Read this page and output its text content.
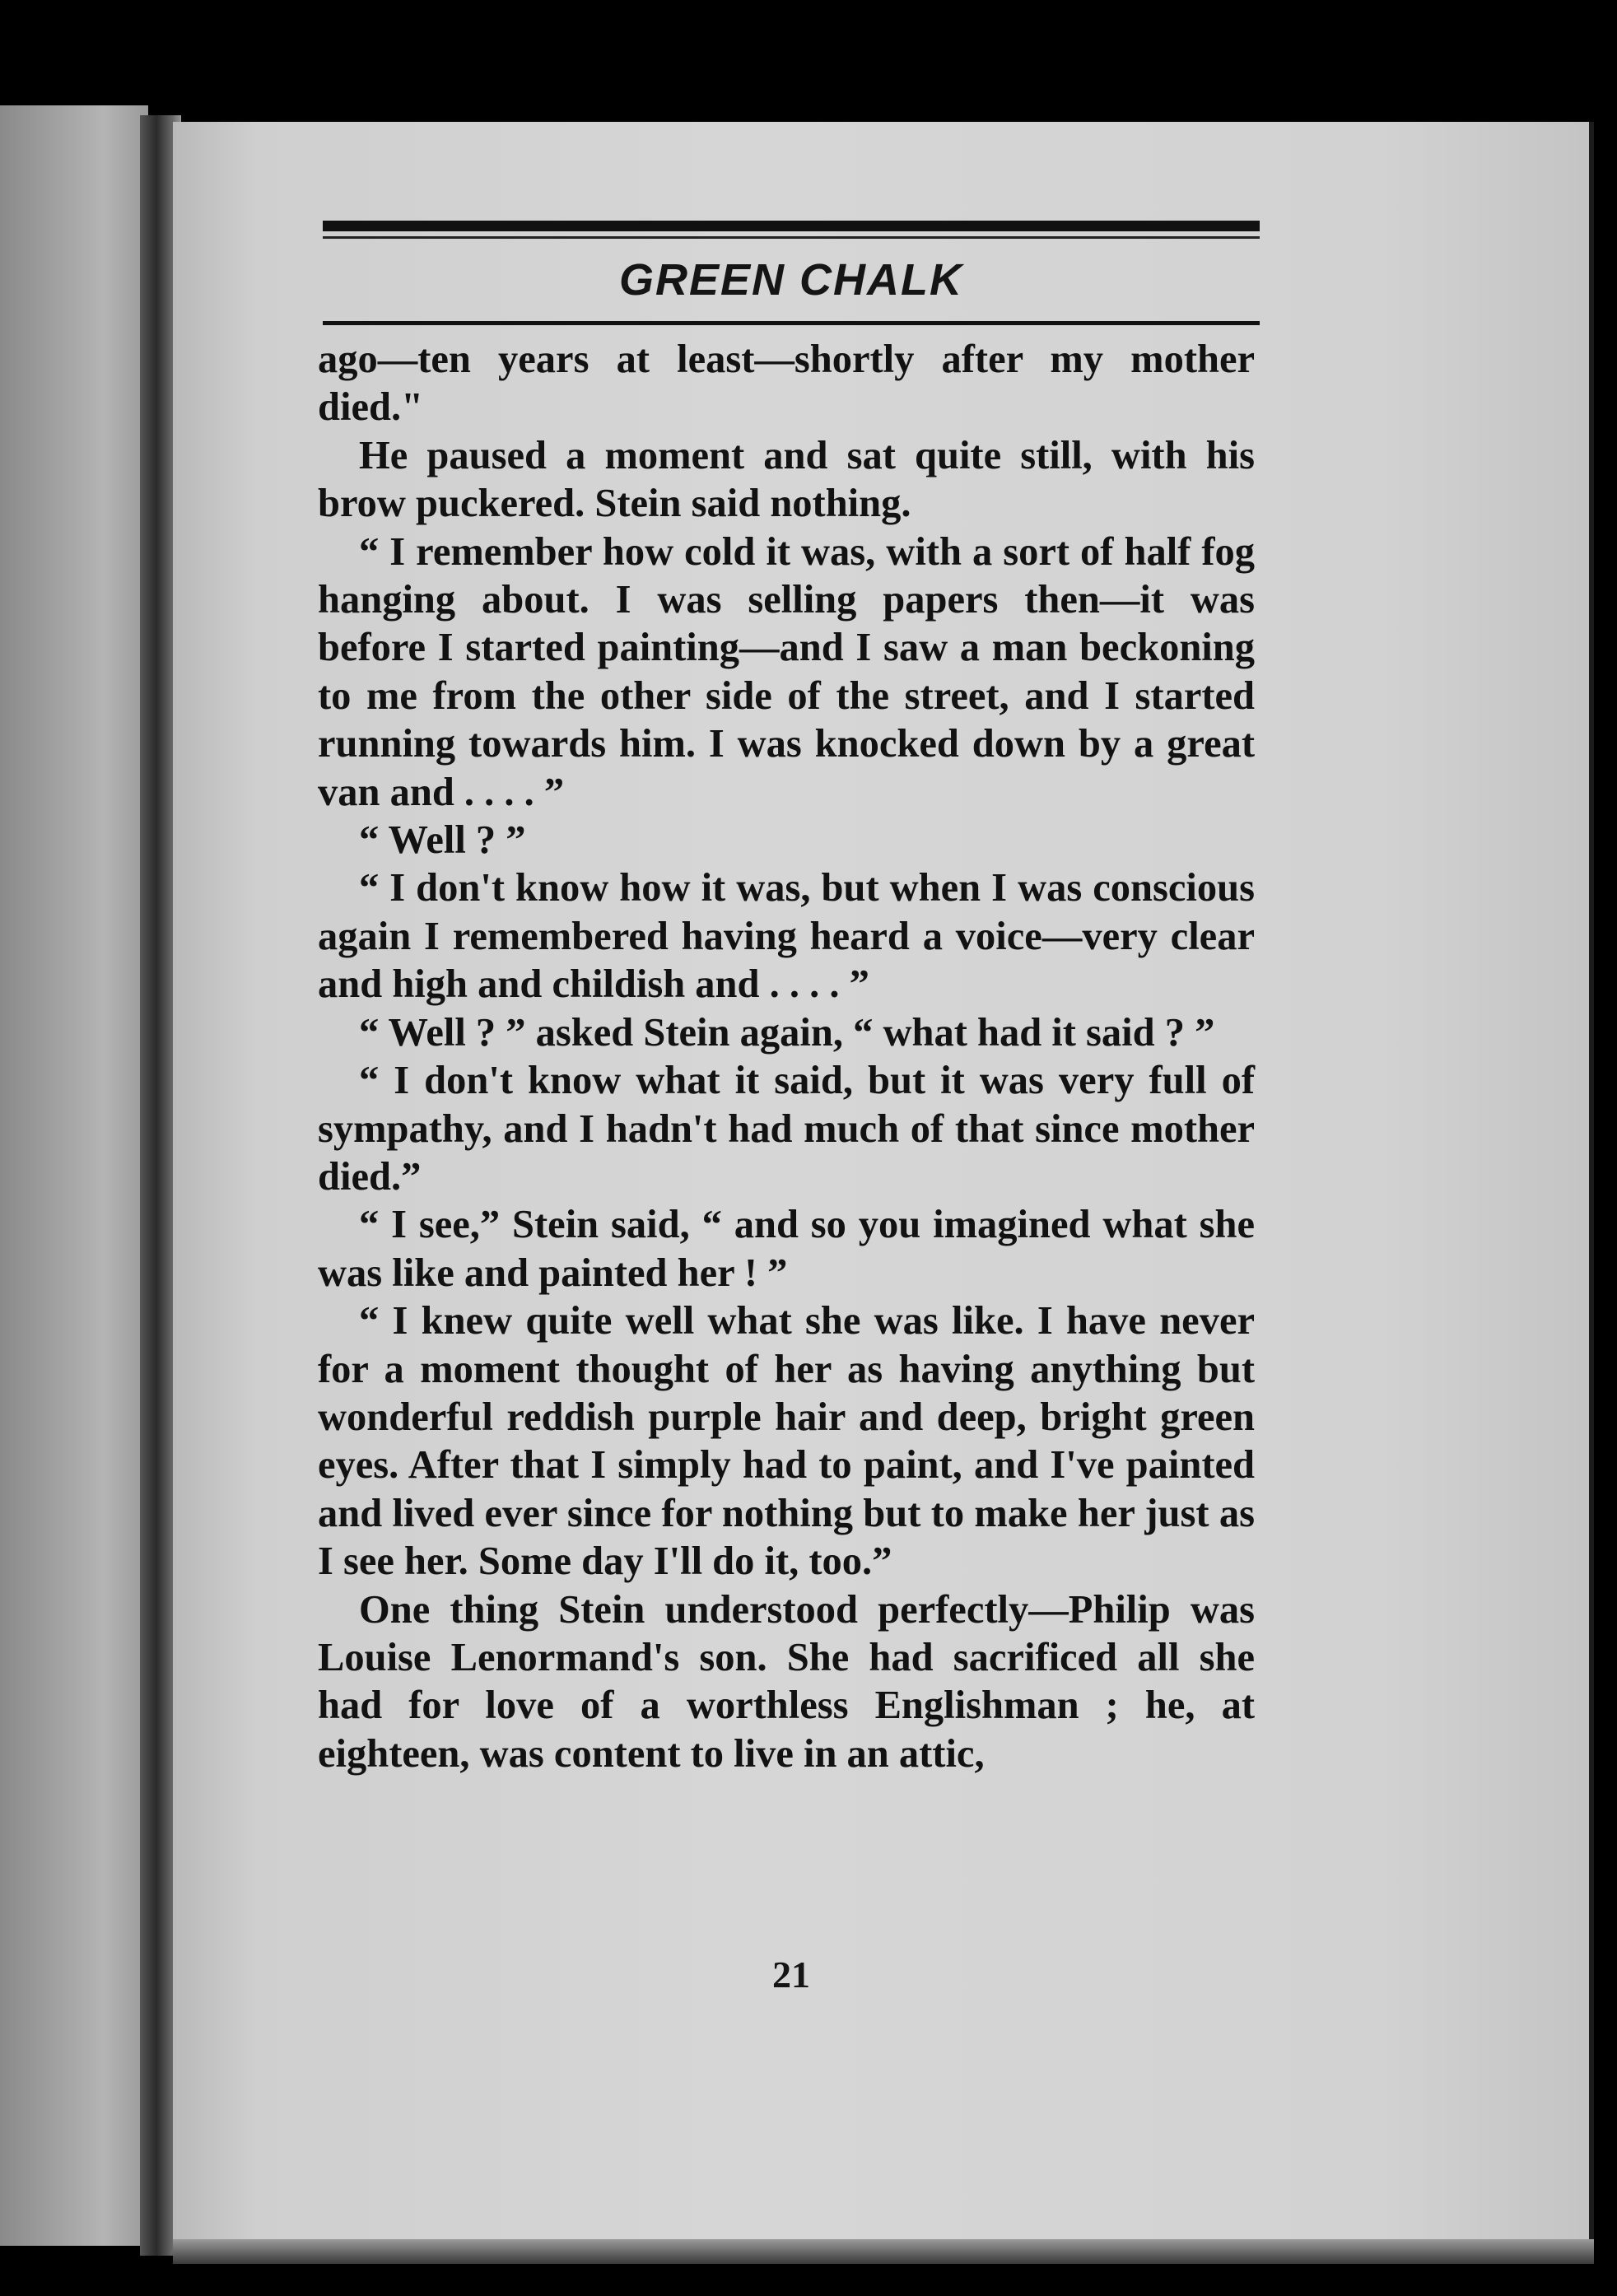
GREEN CHALK

ago—ten years at least—shortly after my mother died."

He paused a moment and sat quite still, with his brow puckered. Stein said nothing.

“ I remember how cold it was, with a sort of half fog hanging about. I was selling papers then—it was before I started painting—and I saw a man beckoning to me from the other side of the street, and I started running towards him. I was knocked down by a great van and . . . . ”

“ Well ? ”

“ I don't know how it was, but when I was conscious again I remembered having heard a voice—very clear and high and childish and . . . . ”

“ Well ? ” asked Stein again, “ what had it said ? ”

“ I don't know what it said, but it was very full of sympathy, and I hadn't had much of that since mother died.”

“ I see,” Stein said, “ and so you imagined what she was like and painted her ! ”

“ I knew quite well what she was like. I have never for a moment thought of her as having anything but wonderful reddish purple hair and deep, bright green eyes. After that I simply had to paint, and I've painted and lived ever since for nothing but to make her just as I see her. Some day I'll do it, too.”

One thing Stein understood perfectly—Philip was Louise Lenormand's son. She had sacrificed all she had for love of a worthless Englishman ; he, at eighteen, was content to live in an attic,

21
